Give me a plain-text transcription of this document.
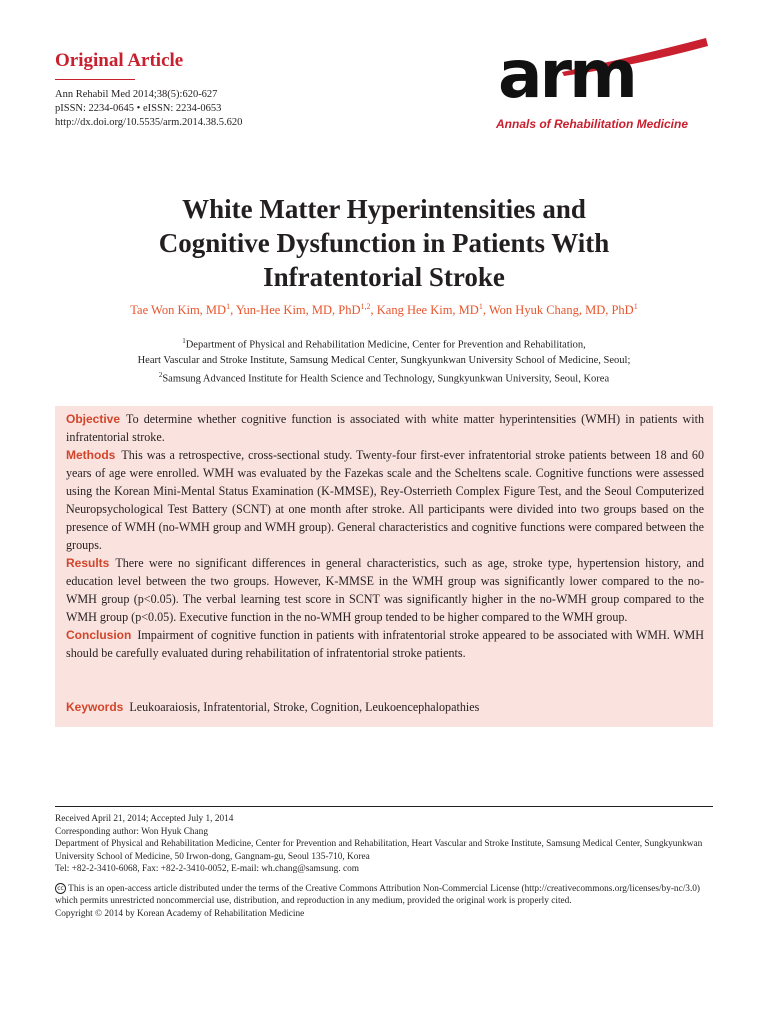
Original Article
Ann Rehabil Med 2014;38(5):620-627
pISSN: 2234-0645 • eISSN: 2234-0653
http://dx.doi.org/10.5535/arm.2014.38.5.620
arm
Annals of Rehabilitation Medicine
White Matter Hyperintensities and
Cognitive Dysfunction in Patients With
Infratentorial Stroke
Tae Won Kim, $MD^1$, Yun-Hee Kim, MD, PhD$^{1,2}$, Kang Hee Kim, $MD^1$, Won Hyuk Chang, MD, PhD$^1$
$^1$Department of Physical and Rehabilitation Medicine, Center for Prevention and Rehabilitation,
Heart Vascular and Stroke Institute, Samsung Medical Center, Sungkyunkwan University School of Medicine, Seoul;
$^2$Samsung Advanced Institute for Health Science and Technology, Sungkyunkwan University, Seoul, Korea

Objective To determine whether cognitive function is associated with white matter hyperintensities (WMH) in patients with infratentorial stroke.

Methods This was a retrospective, cross-sectional study. Twenty-four first-ever infratentorial stroke patients between 18 and 60 years of age were enrolled. WMH was evaluated by the Fazekas scale and the Scheltens scale. Cognitive functions were assessed using the Korean Mini-Mental Status Examination (K-MMSE), Rey-Osterrieth Complex Figure Test, and the Seoul Computerized Neuropsychological Test Battery (SCNT) at one month after stroke. All participants were divided into two groups based on the presence of WMH (no-WMH group and WMH group). General characteristics and cognitive functions were compared between the groups.

Results There were no significant differences in general characteristics, such as age, stroke type, hypertension history, and education level between the two groups. However, K-MMSE in the WMH group was significantly lower compared to the no-WMH group (p<0.05). The verbal learning test score in SCNT was significantly higher in the no-WMH group compared to the WMH group (p<0.05). Executive function in the no-WMH group tended to be higher compared to the WMH group.

Conclusion Impairment of cognitive function in patients with infratentorial stroke appeared to be associated with WMH. WMH should be carefully evaluated during rehabilitation of infratentorial stroke patients.

Keywords Leukoaraiosis, Infratentorial, Stroke, Cognition, Leukoencephalopathies

Received April 21, 2014; Accepted July 1, 2014

Corresponding author: Won Hyuk Chang

Department of Physical and Rehabilitation Medicine, Center for Prevention and Rehabilitation, Heart Vascular and Stroke Institute, Samsung Medical Center, Sungkyunkwan University School of Medicine, 50 Irwon-dong, Gangnam-gu, Seoul 135-710, Korea

Tel: +82-2-3410-6068, Fax: +82-2-3410-0052, E-mail: wh.chang@samsung. com

cc This is an open-access article distributed under the terms of the Creative Commons Attribution Non-Commercial License (http://creativecommons.org/licenses/by-nc/3.0) which permits unrestricted noncommercial use, distribution, and reproduction in any medium, provided the original work is properly cited.

Copyright © 2014 by Korean Academy of Rehabilitation Medicine
